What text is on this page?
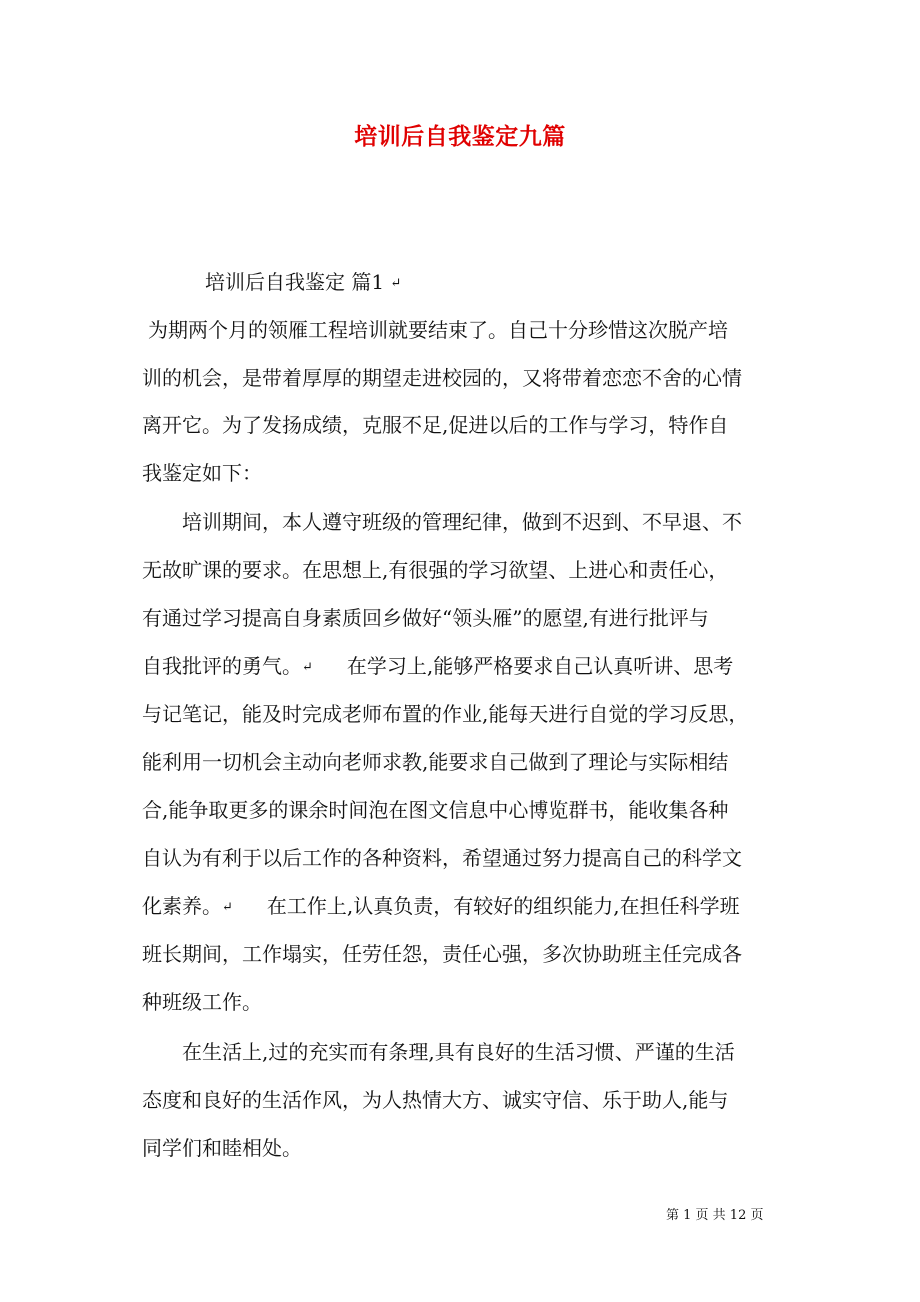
培训后自我鉴定九篇

培训后自我鉴定 篇1 ↵

为期两个月的领雁工程培训就要结束了。自己十分珍惜这次脱产培

训的机会，是带着厚厚的期望走进校园的，又将带着恋恋不舍的心情

离开它。为了发扬成绩，克服不足,促进以后的工作与学习，特作自

我鉴定如下：

培训期间，本人遵守班级的管理纪律，做到不迟到、不早退、不

无故旷课的要求。在思想上,有很强的学习欲望、上进心和责任心，

有通过学习提高自身素质回乡做好“领头雁”的愿望,有进行批评与

自我批评的勇气。↵ 在学习上,能够严格要求自己认真听讲、思考

与记笔记，能及时完成老师布置的作业,能每天进行自觉的学习反思，

能利用一切机会主动向老师求教,能要求自己做到了理论与实际相结

合,能争取更多的课余时间泡在图文信息中心博览群书，能收集各种

自认为有利于以后工作的各种资料，希望通过努力提高自己的科学文

化素养。↵ 在工作上,认真负责，有较好的组织能力,在担任科学班

班长期间，工作塌实，任劳任怨，责任心强，多次协助班主任完成各

种班级工作。

在生活上,过的充实而有条理,具有良好的生活习惯、严谨的生活

态度和良好的生活作风，为人热情大方、诚实守信、乐于助人,能与

同学们和睦相处。

第 1 页 共 12 页
